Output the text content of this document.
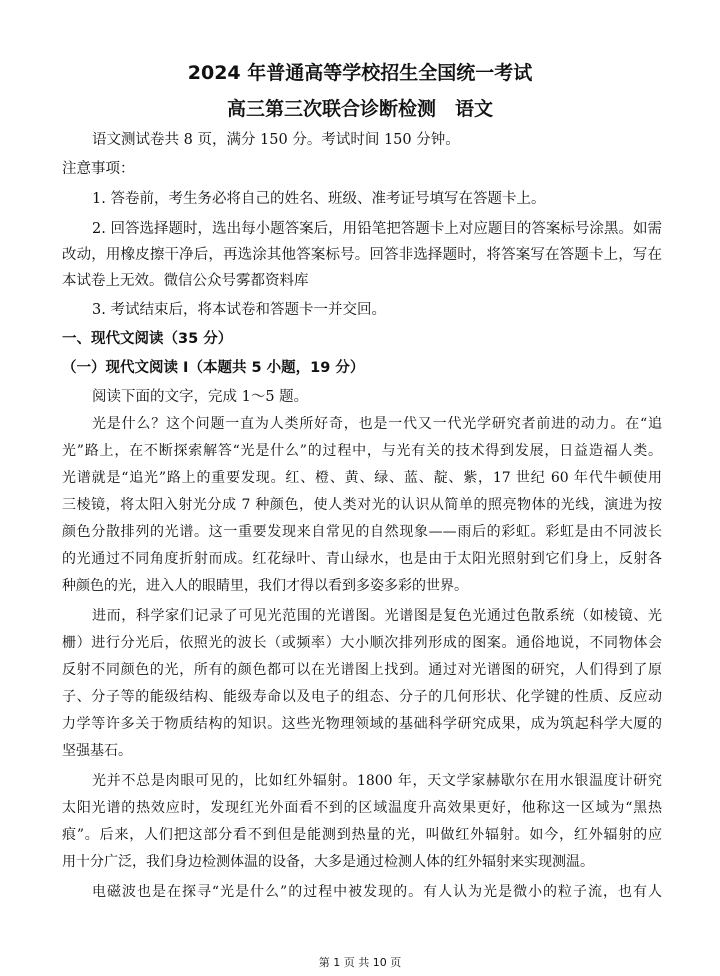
2024 年普通高等学校招生全国统一考试
高三第三次联合诊断检测　语文
语文测试卷共 8 页，满分 150 分。考试时间 150 分钟。
注意事项：
1. 答卷前，考生务必将自己的姓名、班级、准考证号填写在答题卡上。
2. 回答选择题时，选出每小题答案后，用铅笔把答题卡上对应题目的答案标号涂黑。如需
改动，用橡皮擦干净后，再选涂其他答案标号。回答非选择题时，将答案写在答题卡上，写在
本试卷上无效。微信公众号雾都资料库
3. 考试结束后，将本试卷和答题卡一并交回。
一、现代文阅读（35 分）
（一）现代文阅读 I（本题共 5 小题，19 分）
阅读下面的文字，完成 1～5 题。
光是什么？这个问题一直为人类所好奇，也是一代又一代光学研究者前进的动力。在“追
光”路上，在不断探索解答“光是什么”的过程中，与光有关的技术得到发展，日益造福人类。
光谱就是“追光”路上的重要发现。红、橙、黄、绿、蓝、靛、紫，17 世纪 60 年代牛顿使用
三棱镜，将太阳入射光分成 7 种颜色，使人类对光的认识从简单的照亮物体的光线，演进为按
颜色分散排列的光谱。这一重要发现来自常见的自然现象——雨后的彩虹。彩虹是由不同波长
的光通过不同角度折射而成。红花绿叶、青山绿水，也是由于太阳光照射到它们身上，反射各
种颜色的光，进入人的眼睛里，我们才得以看到多姿多彩的世界。
进而，科学家们记录了可见光范围的光谱图。光谱图是复色光通过色散系统（如棱镜、光
栅）进行分光后，依照光的波长（或频率）大小顺次排列形成的图案。通俗地说，不同物体会
反射不同颜色的光，所有的颜色都可以在光谱图上找到。通过对光谱图的研究，人们得到了原
子、分子等的能级结构、能级寿命以及电子的组态、分子的几何形状、化学键的性质、反应动
力学等许多关于物质结构的知识。这些光物理领域的基础科学研究成果，成为筑起科学大厦的
坚强基石。
光并不总是肉眼可见的，比如红外辐射。1800 年，天文学家赫歇尔在用水银温度计研究
太阳光谱的热效应时，发现红光外面看不到的区域温度升高效果更好，他称这一区域为“黑热
痕”。后来，人们把这部分看不到但是能测到热量的光，叫做红外辐射。如今，红外辐射的应
用十分广泛，我们身边检测体温的设备，大多是通过检测人体的红外辐射来实现测温。
电磁波也是在探寻“光是什么”的过程中被发现的。有人认为光是微小的粒子流，也有人
第 1 页 共 10 页
